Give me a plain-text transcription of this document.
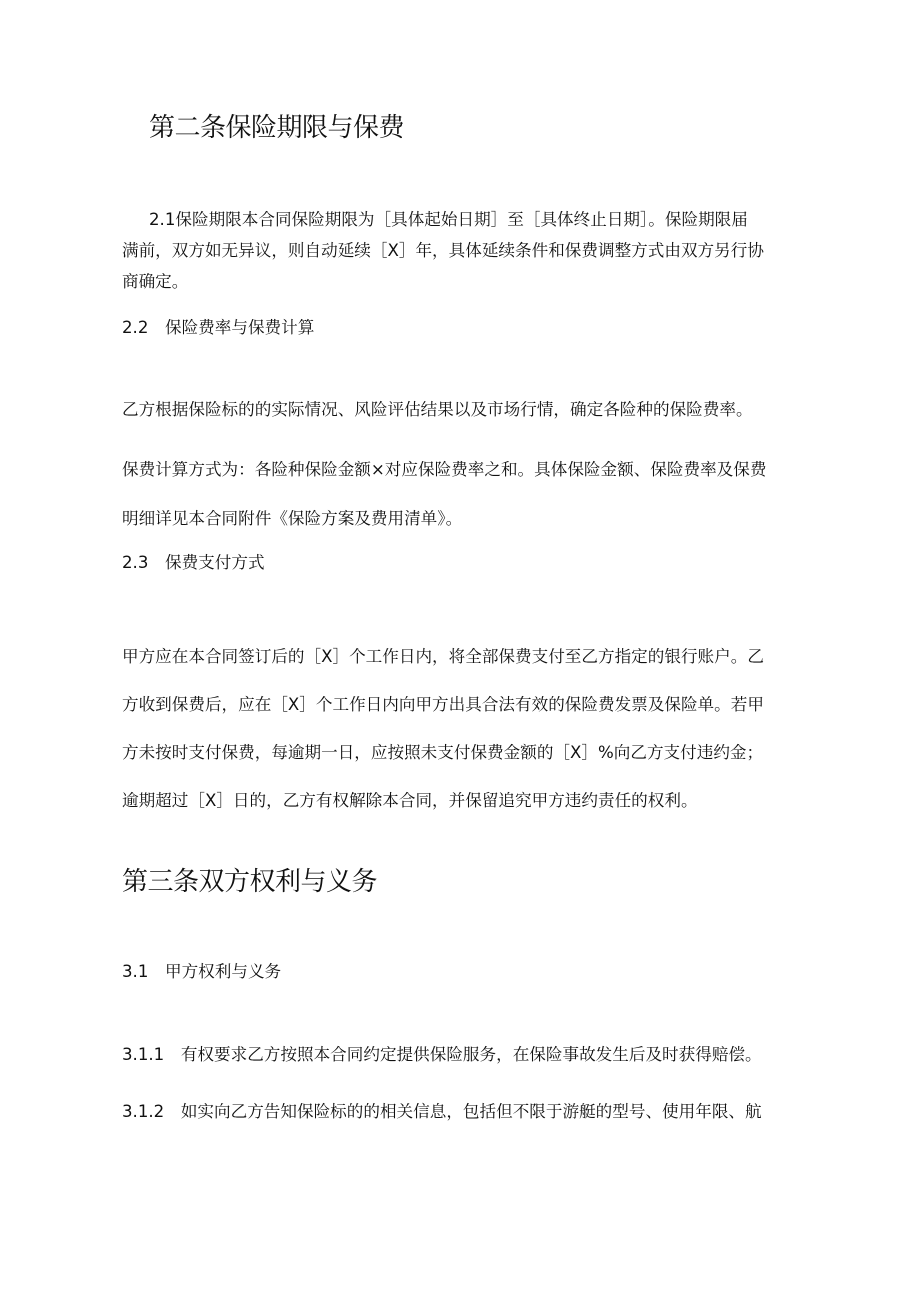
第二条保险期限与保费
2.1保险期限本合同保险期限为［具体起始日期］至［具体终止日期］。保险期限届
满前，双方如无异议，则自动延续［X］年，具体延续条件和保费调整方式由双方另行协
商确定。
2.2　保险费率与保费计算
乙方根据保险标的的实际情况、风险评估结果以及市场行情，确定各险种的保险费率。
保费计算方式为：各险种保险金额×对应保险费率之和。具体保险金额、保险费率及保费
明细详见本合同附件《保险方案及费用清单》。
2.3　保费支付方式
甲方应在本合同签订后的［X］个工作日内，将全部保费支付至乙方指定的银行账户。乙
方收到保费后，应在［X］个工作日内向甲方出具合法有效的保险费发票及保险单。若甲
方未按时支付保费，每逾期一日，应按照未支付保费金额的［X］%向乙方支付违约金；
逾期超过［X］日的，乙方有权解除本合同，并保留追究甲方违约责任的权利。
第三条双方权利与义务
3.1　甲方权利与义务
3.1.1　有权要求乙方按照本合同约定提供保险服务，在保险事故发生后及时获得赔偿。
3.1.2　如实向乙方告知保险标的的相关信息，包括但不限于游艇的型号、使用年限、航
